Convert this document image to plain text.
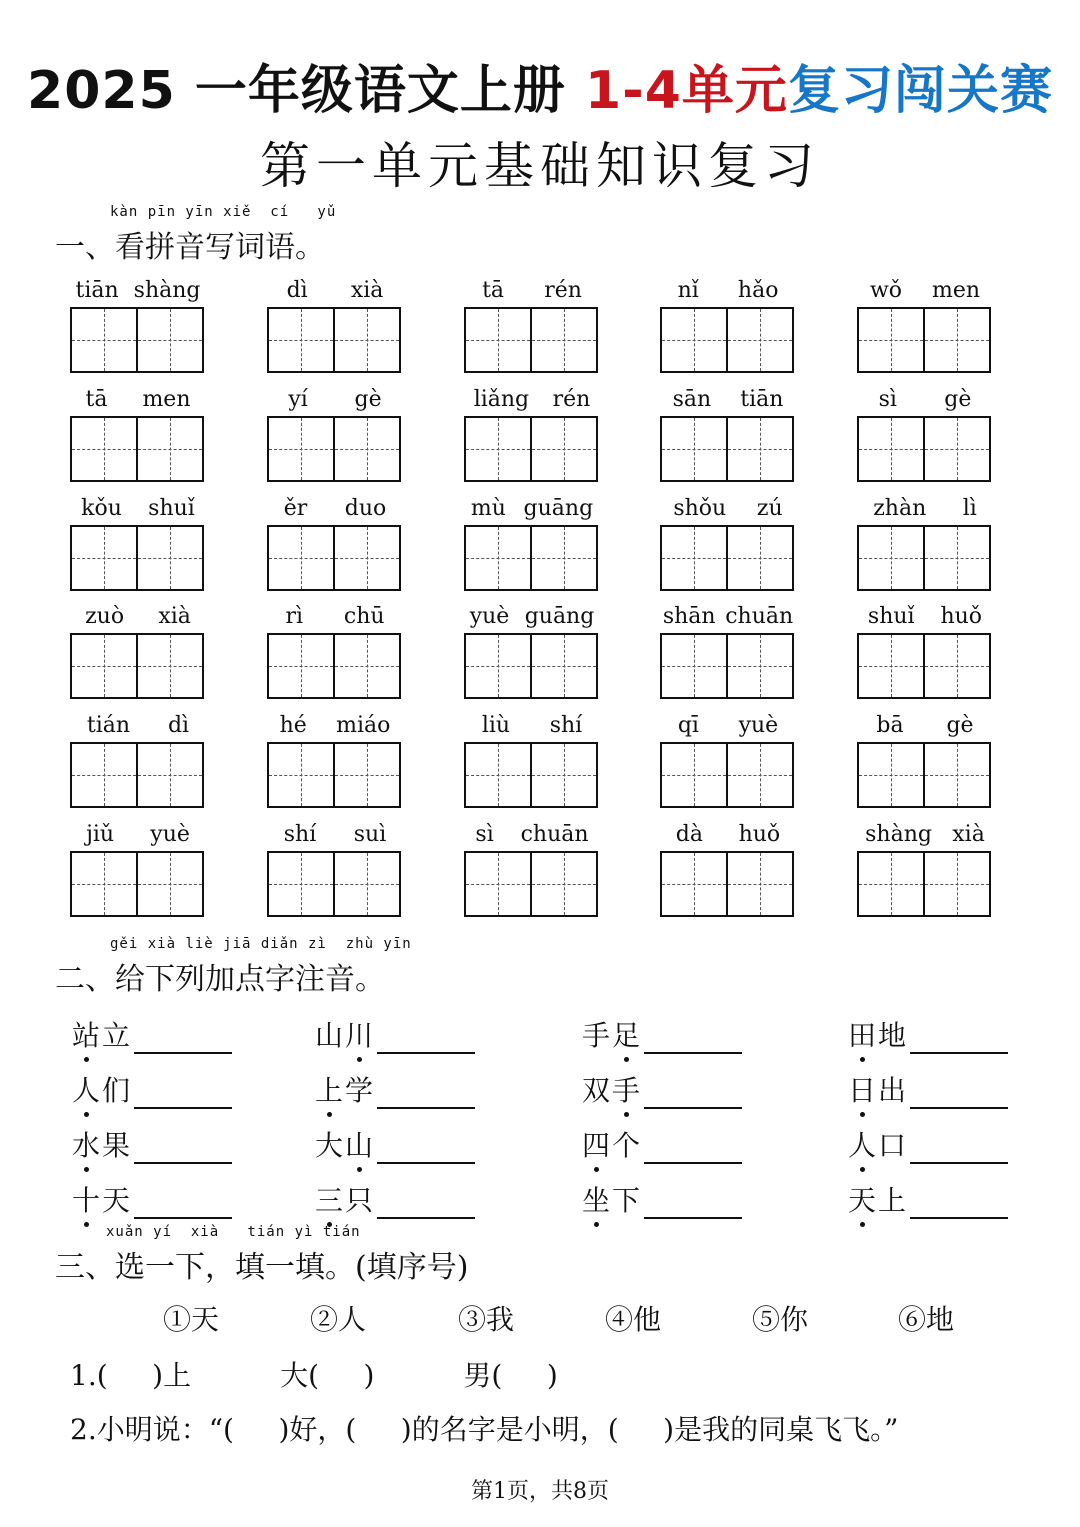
2025 一年级语文上册 1-4单元复习闯关赛
第一单元基础知识复习
kàn pīn yīn xiě  cí   yǔ
一、看拼音写词语。
tiān shàng	dì xià	tā rén	nǐ hǎo	wǒ men
tā men	yí gè	liǎng rén	sān tiān	sì gè
kǒu shuǐ	ěr duo	mù guāng	shǒu zú	zhàn lì
zuò xià	rì chū	yuè guāng	shān chuān	shuǐ huǒ
tián dì	hé miáo	liù shí	qī yuè	bā gè
jiǔ yuè	shí suì	sì chuān	dà huǒ	shàng xià
gěi xià liè jiā diǎn zì  zhù yīn
二、给下列加点字注音。
站立	山川	手足	田地
人们	上学	双手	日出
水果	大山	四个	人口
十天	三只	坐下	天上
xuǎn yí  xià   tián yì tián
三、选一下，填一填。(填序号)
①天	②人	③我	④他	⑤你	⑥地
1.(     )上          大(     )          男(     )
2.小明说：“(     )好，(     )的名字是小明，(     )是我的同桌飞飞。”
第1页，共8页
